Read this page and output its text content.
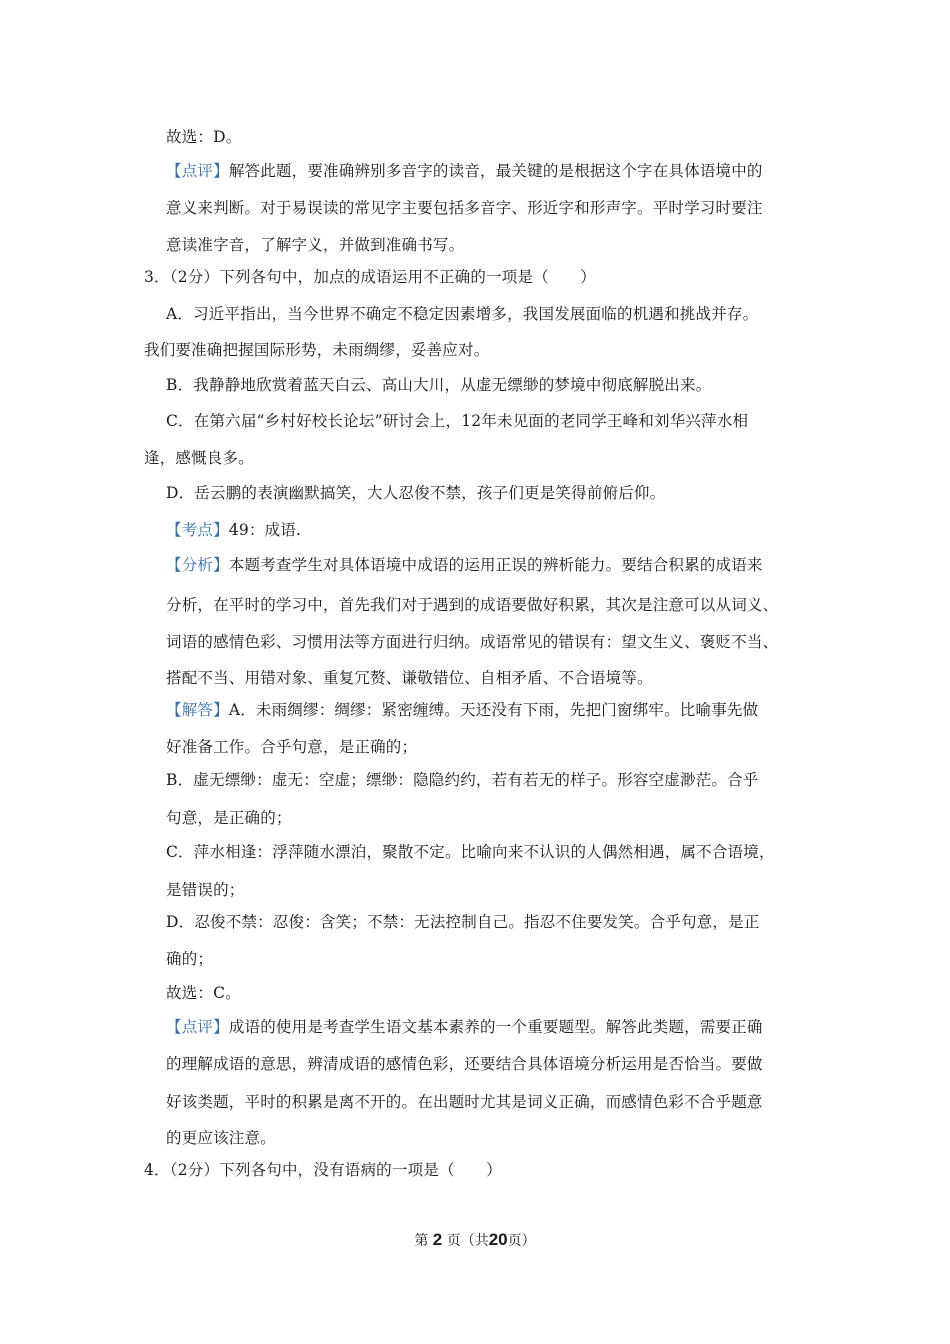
故选：D。
【点评】解答此题，要准确辨别多音字的读音，最关键的是根据这个字在具体语境中的
意义来判断。对于易误读的常见字主要包括多音字、形近字和形声字。平时学习时要注
意读准字音，了解字义，并做到准确书写。
3．（2分）下列各句中，加点的成语运用不正确的一项是（　　）
A．习近平指出，当今世界不确定不稳定因素增多，我国发展面临的机遇和挑战并存。
我们要准确把握国际形势，未雨绸缪，妥善应对。
B．我静静地欣赏着蓝天白云、高山大川，从虚无缥缈的梦境中彻底解脱出来。
C．在第六届“乡村好校长论坛”研讨会上，12年未见面的老同学王峰和刘华兴萍水相
逢，感慨良多。
D．岳云鹏的表演幽默搞笑，大人忍俊不禁，孩子们更是笑得前俯后仰。
【考点】49：成语.
【分析】本题考查学生对具体语境中成语的运用正误的辨析能力。要结合积累的成语来
分析，在平时的学习中，首先我们对于遇到的成语要做好积累，其次是注意可以从词义、
词语的感情色彩、习惯用法等方面进行归纳。成语常见的错误有：望文生义、褒贬不当、
搭配不当、用错对象、重复冗赘、谦敬错位、自相矛盾、不合语境等。
【解答】A．未雨绸缪：绸缪：紧密缠缚。天还没有下雨，先把门窗绑牢。比喻事先做
好准备工作。合乎句意，是正确的；
B．虚无缥缈：虚无：空虚；缥缈：隐隐约约，若有若无的样子。形容空虚渺茫。合乎
句意，是正确的；
C．萍水相逢：浮萍随水漂泊，聚散不定。比喻向来不认识的人偶然相遇，属不合语境，
是错误的；
D．忍俊不禁：忍俊：含笑；不禁：无法控制自己。指忍不住要发笑。合乎句意，是正
确的；
故选：C。
【点评】成语的使用是考查学生语文基本素养的一个重要题型。解答此类题，需要正确
的理解成语的意思，辨清成语的感情色彩，还要结合具体语境分析运用是否恰当。要做
好该类题，平时的积累是离不开的。在出题时尤其是词义正确，而感情色彩不合乎题意
的更应该注意。
4．（2分）下列各句中，没有语病的一项是（　　）
第 2 页（共20页）
